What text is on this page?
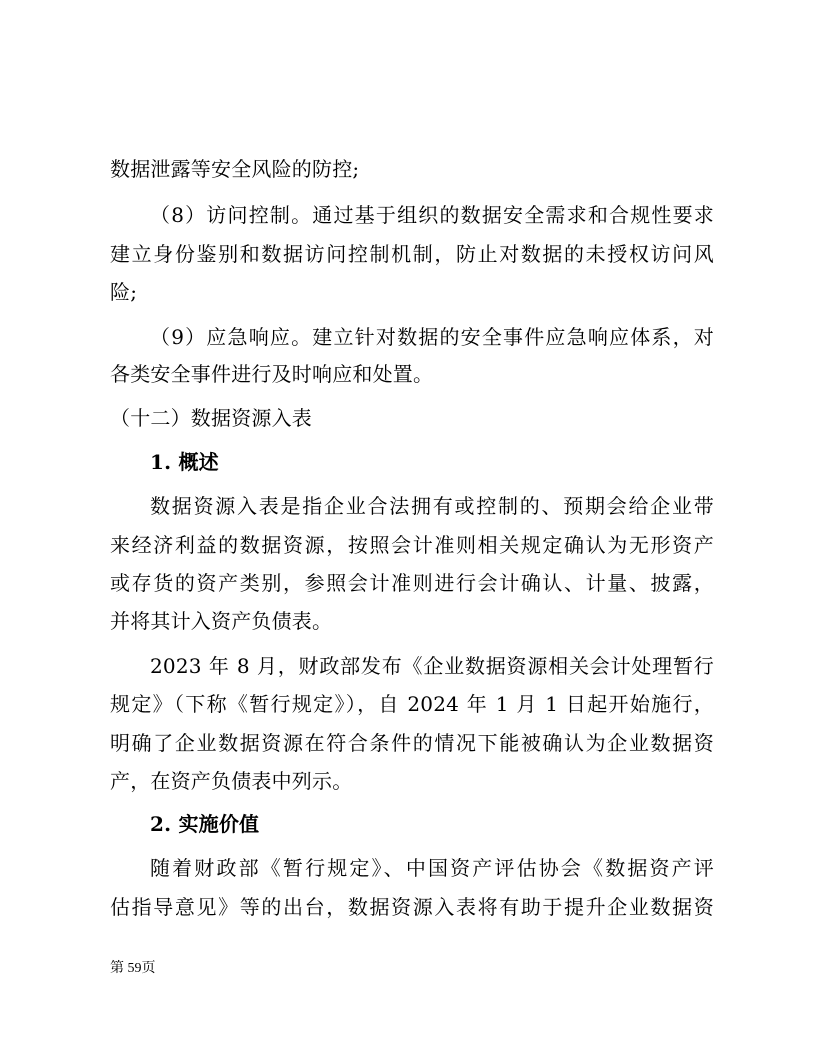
数据泄露等安全风险的防控;
（8）访问控制。通过基于组织的数据安全需求和合规性要求
建立身份鉴别和数据访问控制机制，防止对数据的未授权访问风
险;
（9）应急响应。建立针对数据的安全事件应急响应体系，对
各类安全事件进行及时响应和处置。
（十二）数据资源入表
1. 概述
数据资源入表是指企业合法拥有或控制的、预期会给企业带
来经济利益的数据资源，按照会计准则相关规定确认为无形资产
或存货的资产类别，参照会计准则进行会计确认、计量、披露，
并将其计入资产负债表。
2023 年 8 月，财政部发布《企业数据资源相关会计处理暂行
规定》（下称《暂行规定》），自 2024 年 1 月 1 日起开始施行，
明确了企业数据资源在符合条件的情况下能被确认为企业数据资
产，在资产负债表中列示。
2. 实施价值
随着财政部《暂行规定》、中国资产评估协会《数据资产评
估指导意见》等的出台，数据资源入表将有助于提升企业数据资
第 59页
